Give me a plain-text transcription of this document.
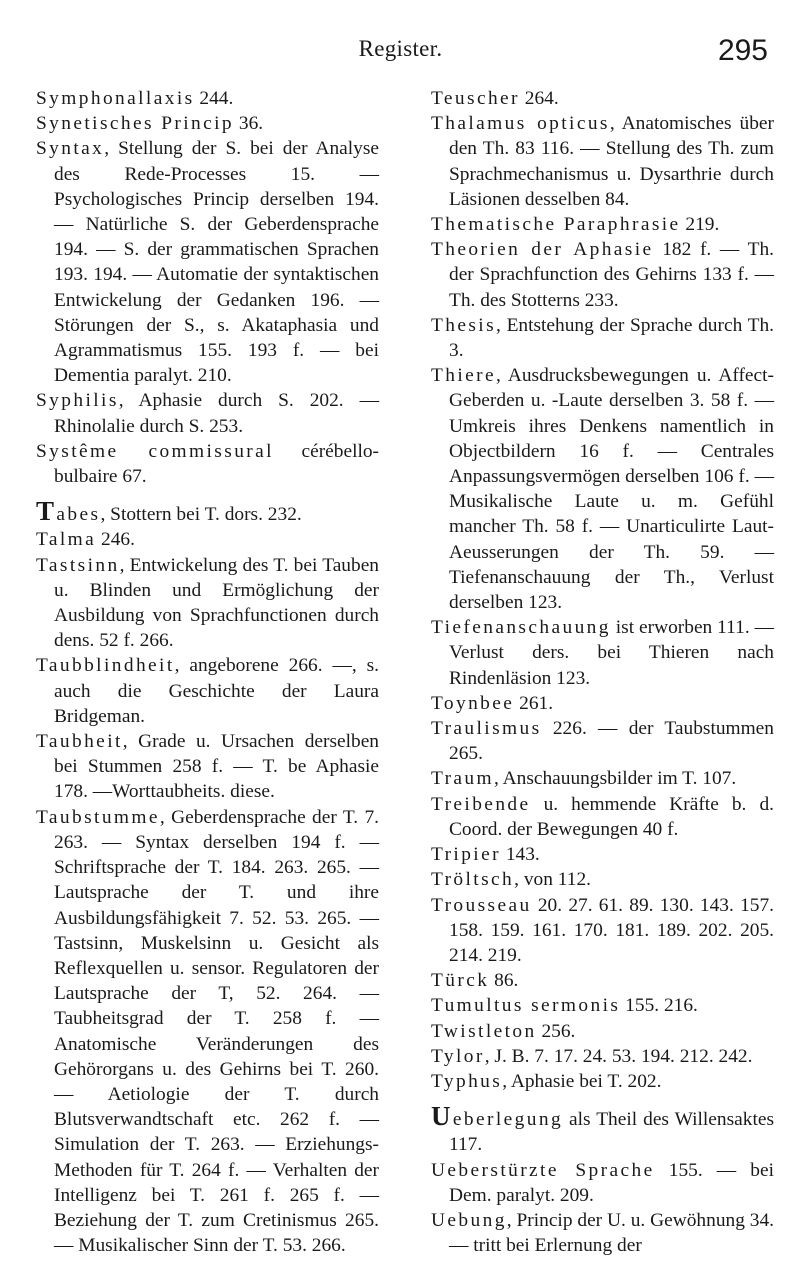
Register.	295

Symphonallaxis 244.

Synetisches Princip 36.

Syntax, Stellung der S. bei der Analyse des Rede-Processes 15. — Psychologisches Princip derselben 194. — Natürliche S. der Geberdensprache 194. — S. der grammatischen Sprachen 193. 194. — Automatie der syntaktischen Entwickelung der Gedanken 196. — Störungen der S., s. Akataphasia und Agrammatismus 155. 193 f. — bei Dementia paralyt. 210.

Syphilis, Aphasie durch S. 202. — Rhinolalie durch S. 253.

Systême commissural cérébello-bulbaire 67.

Tabes, Stottern bei T. dors. 232.

Talma 246.

Tastsinn, Entwickelung des T. bei Tauben u. Blinden und Ermöglichung der Ausbildung von Sprachfunctionen durch dens. 52 f. 266.

Taubblindheit, angeborene 266. —, s. auch die Geschichte der Laura Bridgeman.

Taubheit, Grade u. Ursachen derselben bei Stummen 258 f. — T. be Aphasie 178. —Worttaubheits. diese.

Taubstumme, Geberdensprache der T. 7. 263. — Syntax derselben 194 f. — Schriftsprache der T. 184. 263. 265. — Lautsprache der T. und ihre Ausbildungsfähigkeit 7. 52. 53. 265. — Tastsinn, Muskelsinn u. Gesicht als Reflexquellen u. sensor. Regulatoren der Lautsprache der T, 52. 264. — Taubheitsgrad der T. 258 f. — Anatomische Veränderungen des Gehörorgans u. des Gehirns bei T. 260. — Aetiologie der T. durch Blutsverwandtschaft etc. 262 f. — Simulation der T. 263. — Erziehungs-Methoden für T. 264 f. — Verhalten der Intelligenz bei T. 261 f. 265 f. — Beziehung der T. zum Cretinismus 265. — Musikalischer Sinn der T. 53. 266.

Teuscher 264.

Thalamus opticus, Anatomisches über den Th. 83 116. — Stellung des Th. zum Sprachmechanismus u. Dysarthrie durch Läsionen desselben 84.

Thematische Paraphrasie 219.

Theorien der Aphasie 182 f. — Th. der Sprachfunction des Gehirns 133 f. — Th. des Stotterns 233.

Thesis, Entstehung der Sprache durch Th. 3.

Thiere, Ausdrucksbewegungen u. Affect-Geberden u. -Laute derselben 3. 58 f. — Umkreis ihres Denkens namentlich in Objectbildern 16 f. — Centrales Anpassungsvermögen derselben 106 f. — Musikalische Laute u. m. Gefühl mancher Th. 58 f. — Unarticulirte Laut-Aeusserungen der Th. 59. — Tiefenanschauung der Th., Verlust derselben 123.

Tiefenanschauung ist erworben 111. — Verlust ders. bei Thieren nach Rindenläsion 123.

Toynbee 261.

Traulismus 226. — der Taubstummen 265.

Traum, Anschauungsbilder im T. 107.

Treibende u. hemmende Kräfte b. d. Coord. der Bewegungen 40 f.

Tripier 143.

Tröltsch, von 112.

Trousseau 20. 27. 61. 89. 130. 143. 157. 158. 159. 161. 170. 181. 189. 202. 205. 214. 219.

Türck 86.

Tumultus sermonis 155. 216.

Twistleton 256.

Tylor, J. B. 7. 17. 24. 53. 194. 212. 242.

Typhus, Aphasie bei T. 202.

Ueberlegung als Theil des Willensaktes 117.

Ueberstürzte Sprache 155. — bei Dem. paralyt. 209.

Uebung, Princip der U. u. Gewöhnung 34. — tritt bei Erlernung der
